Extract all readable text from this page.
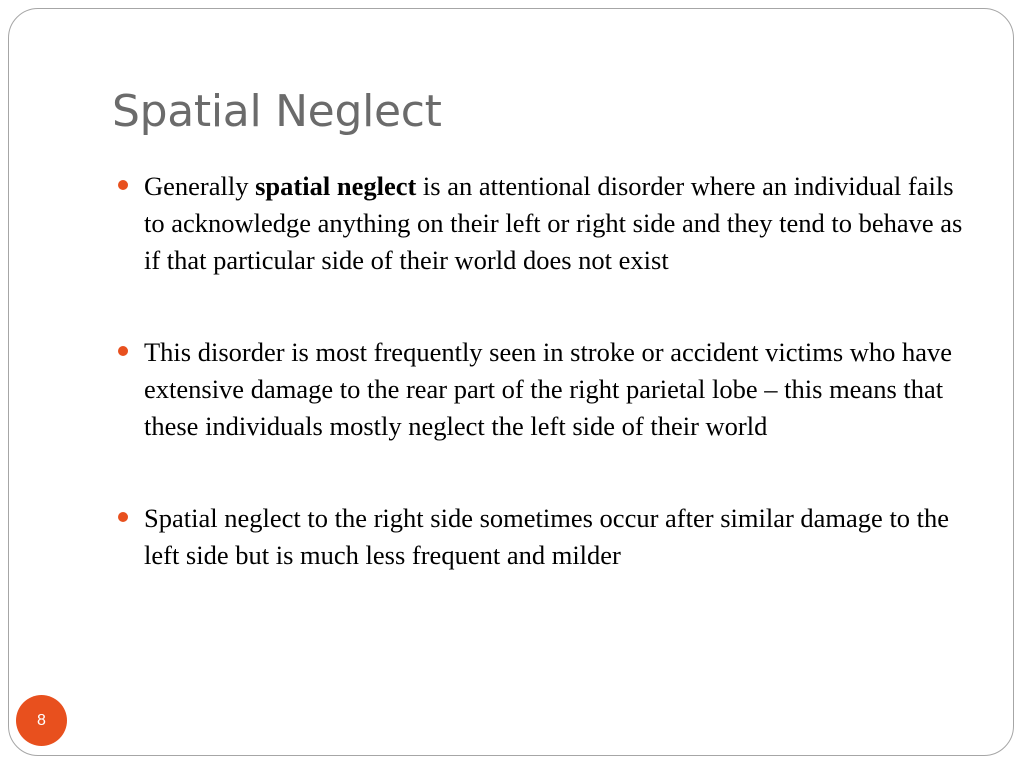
Spatial Neglect
Generally spatial neglect is an attentional disorder where an individual fails to acknowledge anything on their left or right side and they tend to behave as if that particular side of their world does not exist
This disorder is most frequently seen in stroke or accident victims who have extensive damage to the rear part of the right parietal lobe – this means that these individuals mostly neglect the left side of their world
Spatial neglect to the right side sometimes occur after similar damage to the left side but is much less frequent and milder
8
